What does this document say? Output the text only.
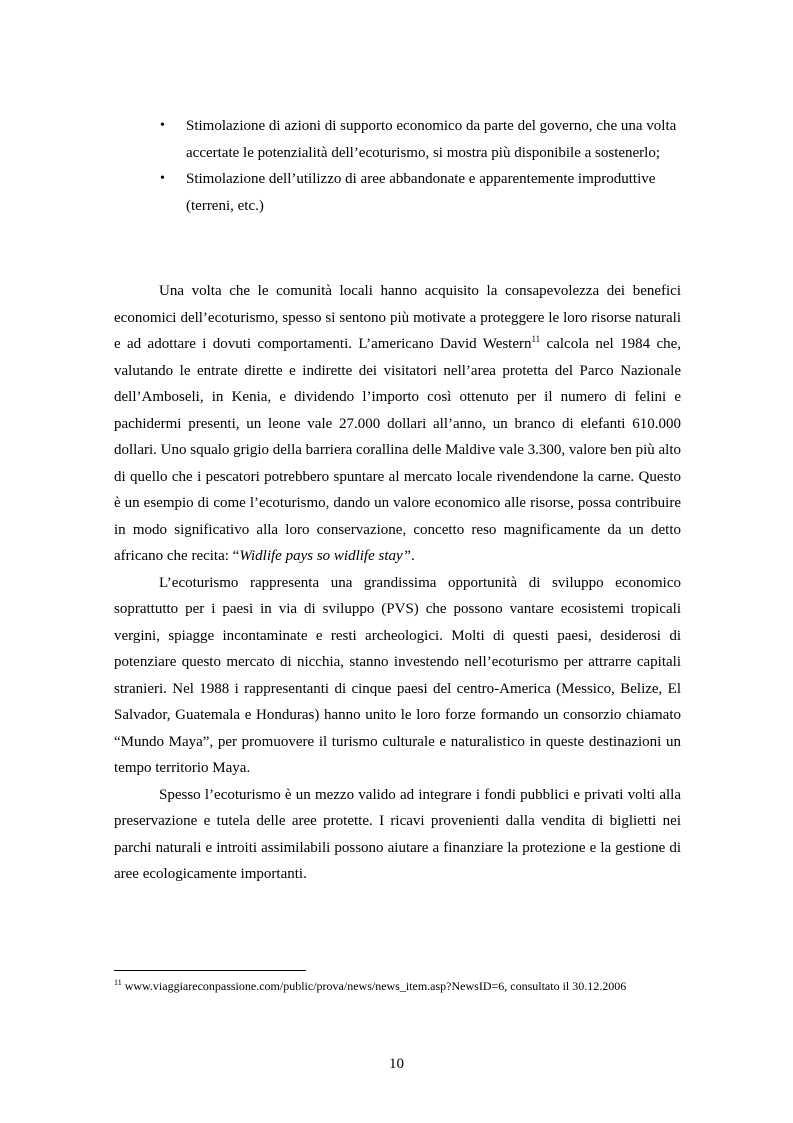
•	Stimolazione di azioni di supporto economico da parte del governo, che una volta accertate le potenzialità dell’ecoturismo, si mostra più disponibile a sostenerlo;
•	Stimolazione dell’utilizzo di aree abbandonate e apparentemente improduttive (terreni, etc.)

Una volta che le comunità locali hanno acquisito la consapevolezza dei benefici economici dell’ecoturismo, spesso si sentono più motivate a proteggere le loro risorse naturali e ad adottare i dovuti comportamenti. L’americano David Western$^{11}$ calcola nel 1984 che, valutando le entrate dirette e indirette dei visitatori nell’area protetta del Parco Nazionale dell’Amboseli, in Kenia, e dividendo l’importo così ottenuto per il numero di felini e pachidermi presenti, un leone vale 27.000 dollari all’anno, un branco di elefanti 610.000 dollari. Uno squalo grigio della barriera corallina delle Maldive vale 3.300, valore ben più alto di quello che i pescatori potrebbero spuntare al mercato locale rivendendone la carne. Questo è un esempio di come l’ecoturismo, dando un valore economico alle risorse, possa contribuire in modo significativo alla loro conservazione, concetto reso magnificamente da un detto africano che recita: “Widlife pays so widlife stay”.

L’ecoturismo rappresenta una grandissima opportunità di sviluppo economico soprattutto per i paesi in via di sviluppo (PVS) che possono vantare ecosistemi tropicali vergini, spiagge incontaminate e resti archeologici. Molti di questi paesi, desiderosi di potenziare questo mercato di nicchia, stanno investendo nell’ecoturismo per attrarre capitali stranieri. Nel 1988 i rappresentanti di cinque paesi del centro-America (Messico, Belize, El Salvador, Guatemala e Honduras) hanno unito le loro forze formando un consorzio chiamato “Mundo Maya”, per promuovere il turismo culturale e naturalistico in queste destinazioni un tempo territorio Maya.

Spesso l’ecoturismo è un mezzo valido ad integrare i fondi pubblici e privati volti alla preservazione e tutela delle aree protette. I ricavi provenienti dalla vendita di biglietti nei parchi naturali e introiti assimilabili possono aiutare a finanziare la protezione e la gestione di aree ecologicamente importanti.

$^{11}$ www.viaggiareconpassione.com/public/prova/news/news_item.asp?NewsID=6, consultato il 30.12.2006
10
